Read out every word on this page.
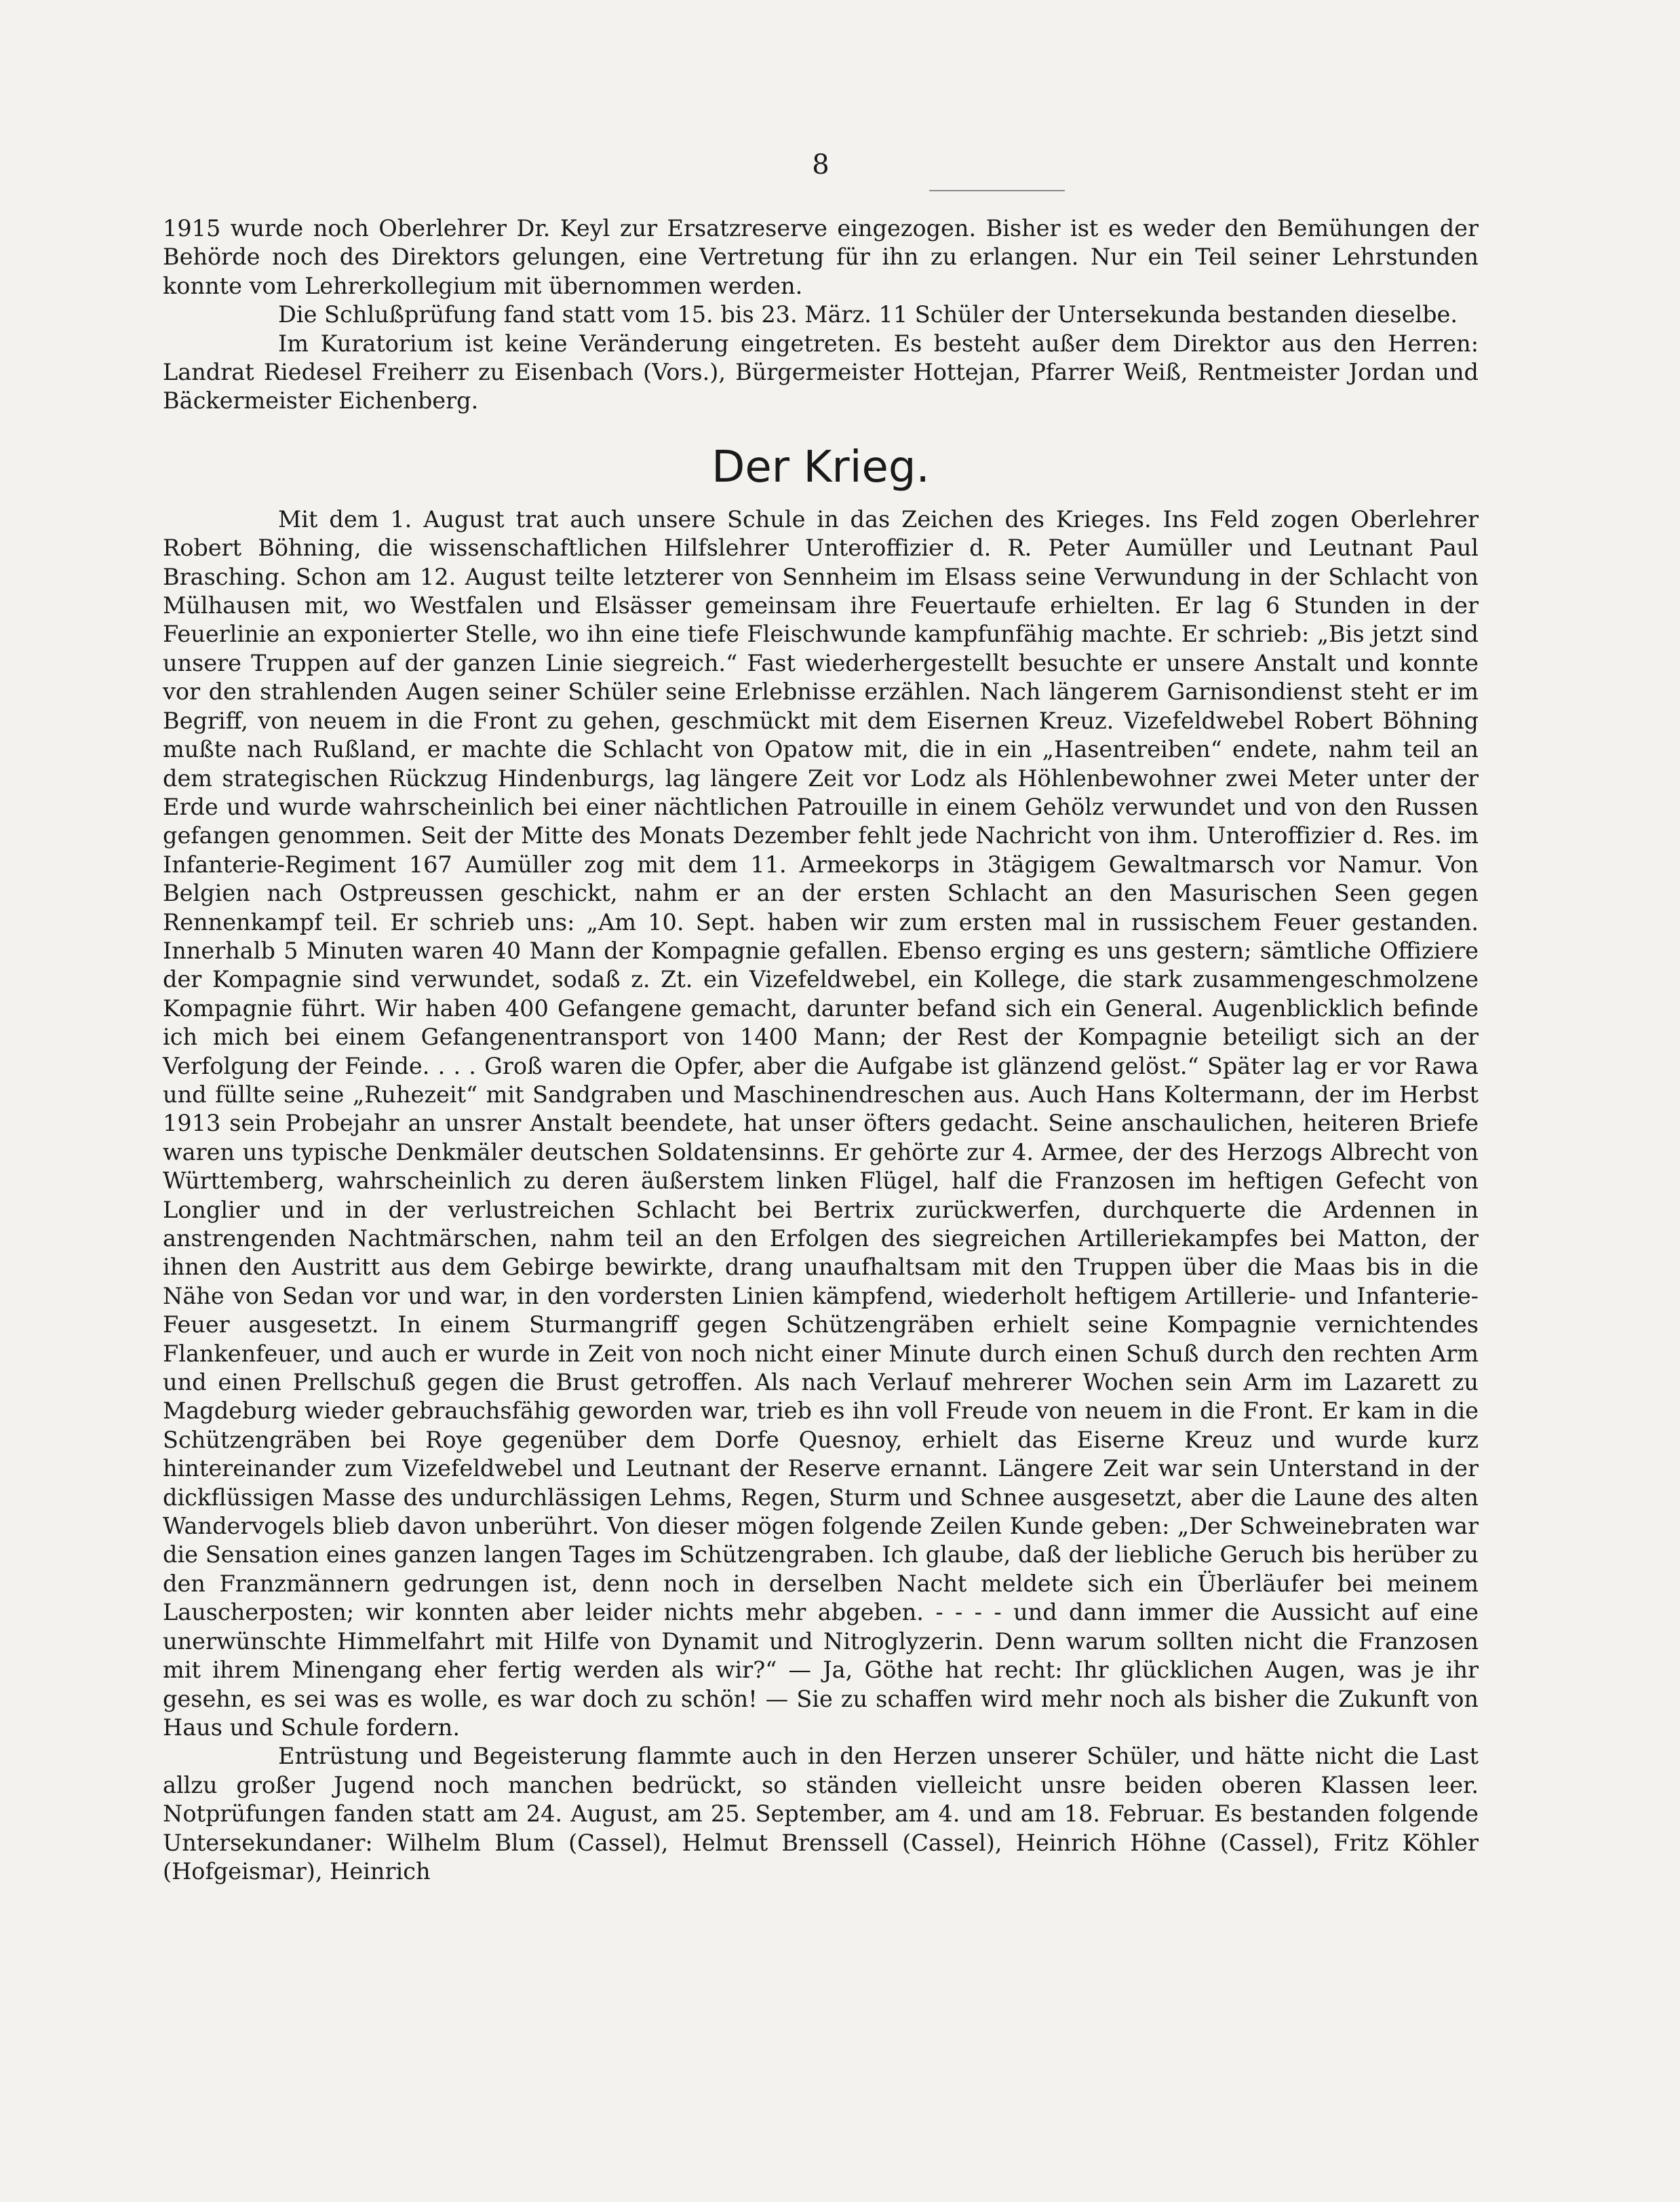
8

1915 wurde noch Oberlehrer Dr. Keyl zur Ersatzreserve eingezogen. Bisher ist es weder den Bemühungen der Behörde noch des Direktors gelungen, eine Vertretung für ihn zu erlangen. Nur ein Teil seiner Lehrstunden konnte vom Lehrerkollegium mit übernommen werden.

Die Schlußprüfung fand statt vom 15. bis 23. März. 11 Schüler der Untersekunda bestanden dieselbe.

Im Kuratorium ist keine Veränderung eingetreten. Es besteht außer dem Direktor aus den Herren: Landrat Riedesel Freiherr zu Eisenbach (Vors.), Bürgermeister Hottejan, Pfarrer Weiß, Rentmeister Jordan und Bäckermeister Eichenberg.

Der Krieg.

Mit dem 1. August trat auch unsere Schule in das Zeichen des Krieges. Ins Feld zogen Oberlehrer Robert Böhning, die wissenschaftlichen Hilfslehrer Unteroffizier d. R. Peter Aumüller und Leutnant Paul Brasching. Schon am 12. August teilte letzterer von Sennheim im Elsass seine Verwundung in der Schlacht von Mülhausen mit, wo Westfalen und Elsässer gemeinsam ihre Feuertaufe erhielten. Er lag 6 Stunden in der Feuerlinie an exponierter Stelle, wo ihn eine tiefe Fleischwunde kampfunfähig machte. Er schrieb: „Bis jetzt sind unsere Truppen auf der ganzen Linie siegreich.“ Fast wiederhergestellt besuchte er unsere Anstalt und konnte vor den strahlenden Augen seiner Schüler seine Erlebnisse erzählen. Nach längerem Garnisondienst steht er im Begriff, von neuem in die Front zu gehen, geschmückt mit dem Eisernen Kreuz. Vizefeldwebel Robert Böhning mußte nach Rußland, er machte die Schlacht von Opatow mit, die in ein „Hasentreiben“ endete, nahm teil an dem strategischen Rückzug Hindenburgs, lag längere Zeit vor Lodz als Höhlenbewohner zwei Meter unter der Erde und wurde wahrscheinlich bei einer nächtlichen Patrouille in einem Gehölz verwundet und von den Russen gefangen genommen. Seit der Mitte des Monats Dezember fehlt jede Nachricht von ihm. Unteroffizier d. Res. im Infanterie-Regiment 167 Aumüller zog mit dem 11. Armeekorps in 3tägigem Gewaltmarsch vor Namur. Von Belgien nach Ostpreussen geschickt, nahm er an der ersten Schlacht an den Masurischen Seen gegen Rennenkampf teil. Er schrieb uns: „Am 10. Sept. haben wir zum ersten mal in russischem Feuer gestanden. Innerhalb 5 Minuten waren 40 Mann der Kompagnie gefallen. Ebenso erging es uns gestern; sämtliche Offiziere der Kompagnie sind verwundet, sodaß z. Zt. ein Vizefeldwebel, ein Kollege, die stark zusammengeschmolzene Kompagnie führt. Wir haben 400 Gefangene gemacht, darunter befand sich ein General. Augenblicklich befinde ich mich bei einem Gefangenentransport von 1400 Mann; der Rest der Kompagnie beteiligt sich an der Verfolgung der Feinde. . . . Groß waren die Opfer, aber die Aufgabe ist glänzend gelöst.“ Später lag er vor Rawa und füllte seine „Ruhezeit“ mit Sandgraben und Maschinendreschen aus. Auch Hans Koltermann, der im Herbst 1913 sein Probejahr an unsrer Anstalt beendete, hat unser öfters gedacht. Seine anschaulichen, heiteren Briefe waren uns typische Denkmäler deutschen Soldatensinns. Er gehörte zur 4. Armee, der des Herzogs Albrecht von Württemberg, wahrscheinlich zu deren äußerstem linken Flügel, half die Franzosen im heftigen Gefecht von Longlier und in der verlustreichen Schlacht bei Bertrix zurückwerfen, durchquerte die Ardennen in anstrengenden Nachtmärschen, nahm teil an den Erfolgen des siegreichen Artilleriekampfes bei Matton, der ihnen den Austritt aus dem Gebirge bewirkte, drang unaufhaltsam mit den Truppen über die Maas bis in die Nähe von Sedan vor und war, in den vordersten Linien kämpfend, wiederholt heftigem Artillerie- und Infanterie-Feuer ausgesetzt. In einem Sturmangriff gegen Schützengräben erhielt seine Kompagnie vernichtendes Flankenfeuer, und auch er wurde in Zeit von noch nicht einer Minute durch einen Schuß durch den rechten Arm und einen Prellschuß gegen die Brust getroffen. Als nach Verlauf mehrerer Wochen sein Arm im Lazarett zu Magdeburg wieder gebrauchsfähig geworden war, trieb es ihn voll Freude von neuem in die Front. Er kam in die Schützengräben bei Roye gegenüber dem Dorfe Quesnoy, erhielt das Eiserne Kreuz und wurde kurz hintereinander zum Vizefeldwebel und Leutnant der Reserve ernannt. Längere Zeit war sein Unterstand in der dickflüssigen Masse des undurchlässigen Lehms, Regen, Sturm und Schnee ausgesetzt, aber die Laune des alten Wandervogels blieb davon unberührt. Von dieser mögen folgende Zeilen Kunde geben: „Der Schweinebraten war die Sensation eines ganzen langen Tages im Schützengraben. Ich glaube, daß der liebliche Geruch bis herüber zu den Franzmännern gedrungen ist, denn noch in derselben Nacht meldete sich ein Überläufer bei meinem Lauscherposten; wir konnten aber leider nichts mehr abgeben. - - - - und dann immer die Aussicht auf eine unerwünschte Himmelfahrt mit Hilfe von Dynamit und Nitroglyzerin. Denn warum sollten nicht die Franzosen mit ihrem Minengang eher fertig werden als wir?“ — Ja, Göthe hat recht: Ihr glücklichen Augen, was je ihr gesehn, es sei was es wolle, es war doch zu schön! — Sie zu schaffen wird mehr noch als bisher die Zukunft von Haus und Schule fordern.

Entrüstung und Begeisterung flammte auch in den Herzen unserer Schüler, und hätte nicht die Last allzu großer Jugend noch manchen bedrückt, so ständen vielleicht unsre beiden oberen Klassen leer. Notprüfungen fanden statt am 24. August, am 25. September, am 4. und am 18. Februar. Es bestanden folgende Untersekundaner: Wilhelm Blum (Cassel), Helmut Brenssell (Cassel), Heinrich Höhne (Cassel), Fritz Köhler (Hofgeismar), Heinrich
